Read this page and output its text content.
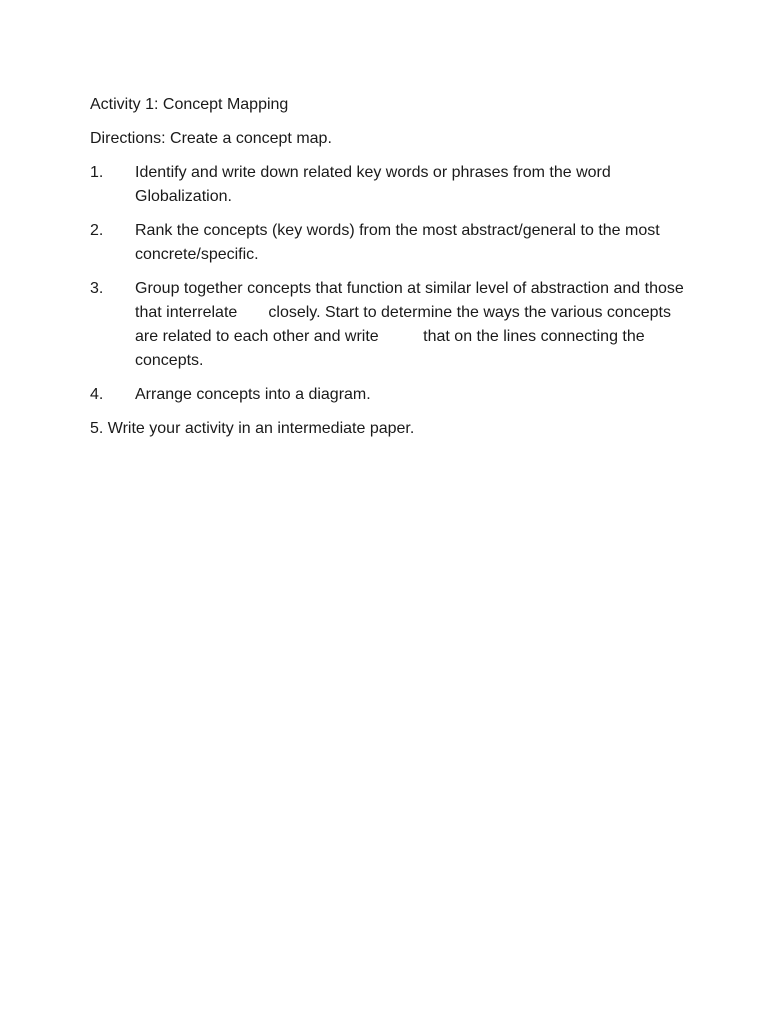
Activity 1: Concept Mapping

Directions: Create a concept map.

1.	Identify and write down related key words or phrases from the word Globalization.
2.	Rank the concepts (key words) from the most abstract/general to the most concrete/specific.
3.	Group together concepts that function at similar level of abstraction and those that interrelate       closely. Start to determine the ways the various concepts are related to each other and write          that on the lines connecting the concepts.
4.	Arrange concepts into a diagram.

5. Write your activity in an intermediate paper.
